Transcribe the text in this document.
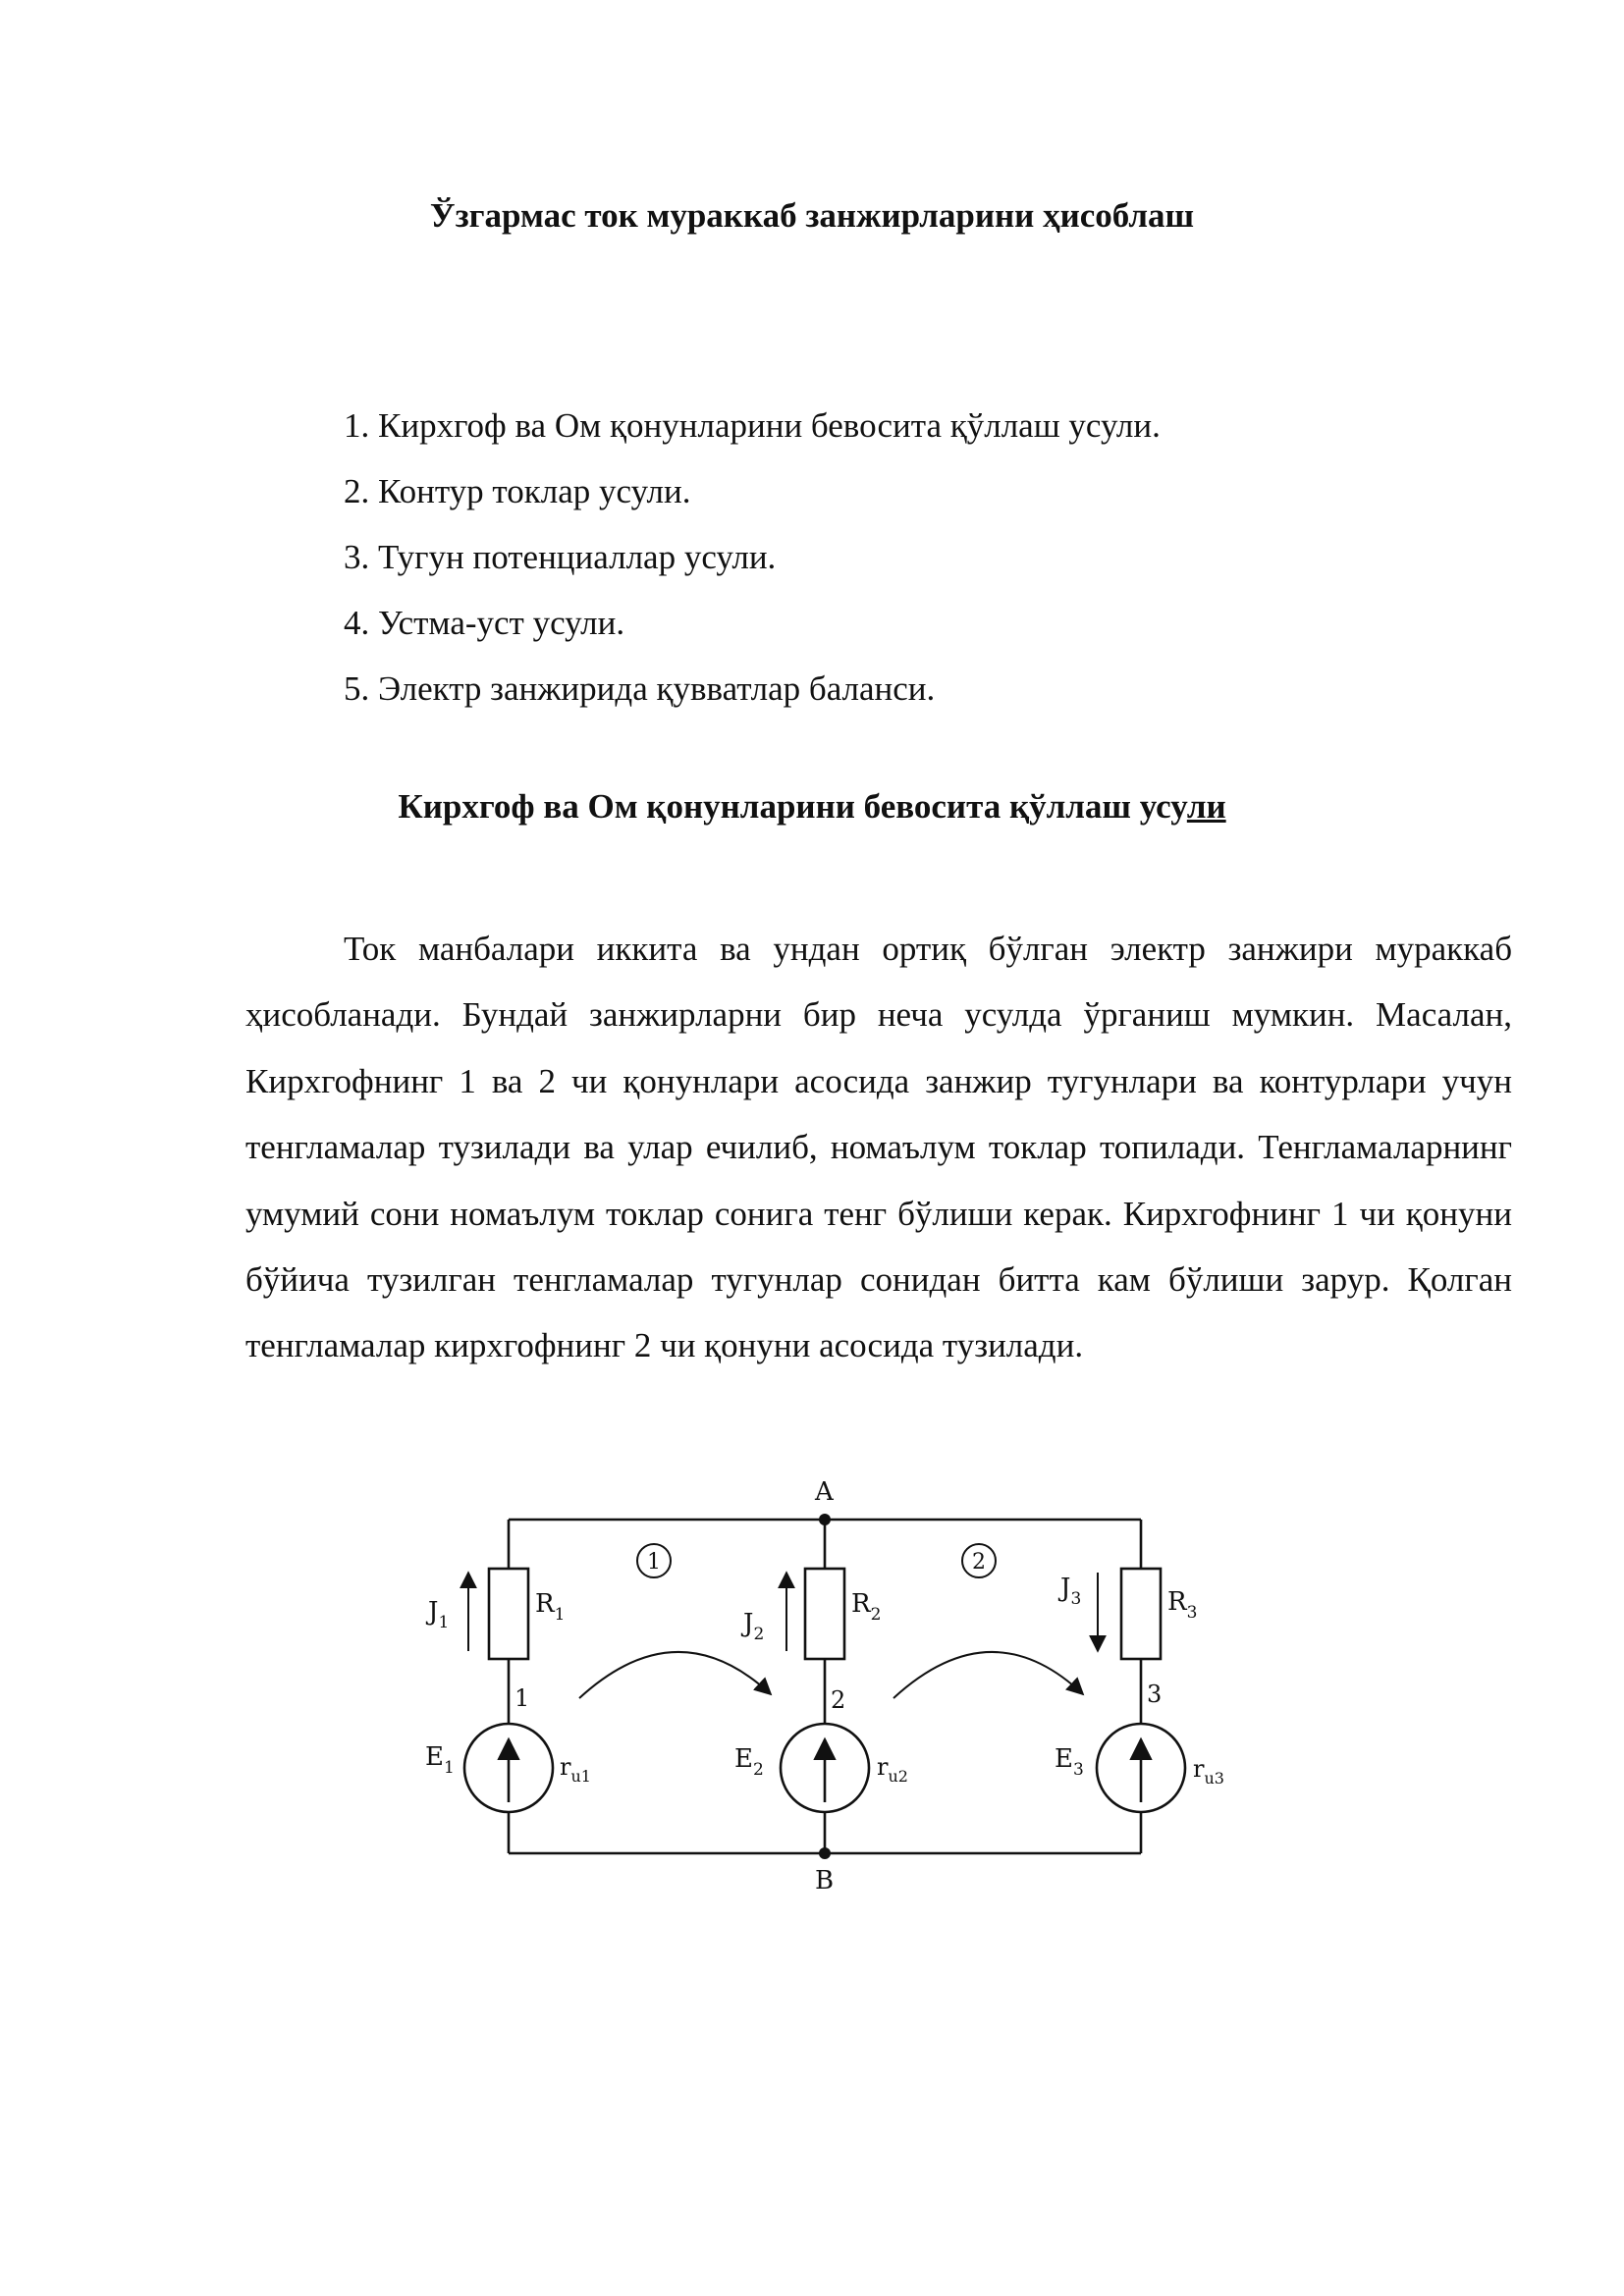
Ўзгармас ток мураккаб занжирларини ҳисоблаш
1. Кирхгоф ва Ом қонунларини бевосита қўллаш усули.
2. Контур токлар усули.
3. Тугун потенциаллар усули.
4. Устма-уст усули.
5. Электр занжирида қувватлар баланси.
Кирхгоф ва Ом қонунларини бевосита қўллаш усули

Ток манбалари иккита ва ундан ортиқ бўлган электр занжири мураккаб ҳисобланади. Бундай занжирларни бир неча усулда ўрганиш мумкин. Масалан, Кирхгофнинг 1 ва 2 чи қонунлари асосида занжир тугунлари ва контурлари учун тенгламалар тузилади ва улар ечилиб, номаълум токлар топилади. Тенгламаларнинг умумий сони номаълум токлар сонига тенг бўлиши керак. Кирхгофнинг 1 чи қонуни бўйича тузилган тенгламалар тугунлар сонидан битта кам бўлиши зарур. Қолган тенгламалар кирхгофнинг 2 чи қонуни асосида тузилади.

A
B
1	2
$J_1$
$R_1$
1
$E_1$	$r_{u1}$
$J_2$
$R_2$
2
$E_2$	$r_{u2}$
$J_3$	$R_3$
3
$E_3$	$r_{u3}$
